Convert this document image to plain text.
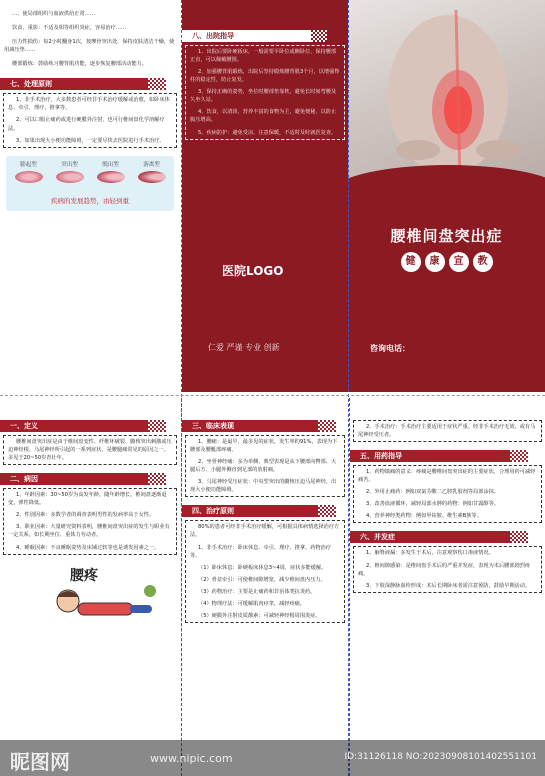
…，使局部组织与血液供给正常……

饮食，重影：不适及相等组织炎症，容易治疗……

压力性损伤：每2小时翻身1次，按摩骨突出处，保持皮肤清洁干燥，使用减压垫……

腰部锻炼：鼓励练习腰背肌功能，逐步恢复腰部活动能力。

七、处理原则

1、非手术治疗，大多数患者可经非手术治疗缓解或治愈，如卧床休息、牵引、理疗、推拿等。

2、可以口服止痛药或进行硬膜外注射，也可行椎间盘化学溶解疗法。

3、如果出现大小便功能障碍，一定要尽快去医院进行手术治疗。

膨起型	突出型	脱出型	游离型
疾病的发展趋势，由轻到重
八、出院指导

1、出院后要卧硬板床，一般需要平卧位或侧卧位，保持腰部正直，可以佩戴腰围。

2、加强腰背肌锻炼，出院后坚持锻炼腰背肌3个月，以增强脊柱的稳定性，防止复发。

3、保持正确的姿势，坐位时腰部垫靠枕，避免长时间弯腰及久坐久站。

4、饮食，以清淡、营养丰富的食物为主，避免便秘，以防止腹压增高。

5、疾病防护：避免受凉，注意保暖，不适时及时就医复查。

医院LOGO
仁爱 严谨 专业 创新
腰椎间盘突出症
健	康	宣	教
咨询电话：
一、定义

腰椎间盘突出症是由于椎间盘变性、纤维环破裂、髓核突出刺激或压迫神经根、马尾神经所引起的一系列症状，是腰腿痛常见的原因之一。多见于20~50岁青壮年。

二、病因

1、年龄因素：30~50岁为高发年龄，随年龄增长，椎间盘逐渐退变，弹性降低。

2、性别因素：多数学者的调查表明男性的发病率高于女性。

3、职业因素：大量研究资料表明，腰椎间盘突出症的发生与职业有一定关系，如长期坐位、重体力劳动者。

4、睡眠因素：不良睡眠姿势及床铺过软等也是诱发因素之一。

腰疼
三、临床表现

1、腰痛：是最早、最多见的症状，发生率约91%，表现为下腰部及腰骶部疼痛。

2、坐骨神经痛：多为单侧，典型表现是从下腰部向臀部、大腿后方、小腿外侧直到足部的放射痛。

3、马尾神经受压症状：中央型突出的髓核压迫马尾神经，出现大小便功能障碍。

四、治疗原则

80%的患者可经非手术治疗缓解，可根据具体病情选择治疗方法。

1、非手术治疗：卧床休息、牵引、理疗、推拿、药物治疗等。

（1）卧床休息：卧硬板床休息3~4周，症状多能缓解。

（2）骨盆牵引：可使椎间隙增宽，减少椎间盘内压力。

（3）药物治疗：主要是止痛药和非甾体类抗炎药。

（4）物理疗法：可缓解肌肉痉挛，减轻疼痛。

（5）硬膜外注射皮质激素：可减轻神经根周围炎症。

2、手术治疗：手术治疗主要适用于症状严重、经非手术治疗无效，或有马尾神经受压者。

五、用药指导

1、药物镇痛的意义：疼痛是腰椎间盘突出症的主要症状，合理用药可减轻痛苦。

2、外用止痛药：例如双氯芬酸二乙胺乳胶剂等局部涂抹。

3、改善血液循环，减轻局部水肿的药物：例如甘露醇等。

4、营养神经类药物：例如甲钴胺、维生素B族等。

六、并发症

1、脑脊液漏：多发生于术后，注意观察伤口渗液情况。

2、椎间隙感染：是椎间盘手术后的严重并发症，表现为术后腰部剧烈疼痛。

3、下肢深静脉血栓形成：术后长期卧床者需注意预防，鼓励早期活动。

昵图网	www.nipic.com	ID:31126118 NO:20230908101402551101
